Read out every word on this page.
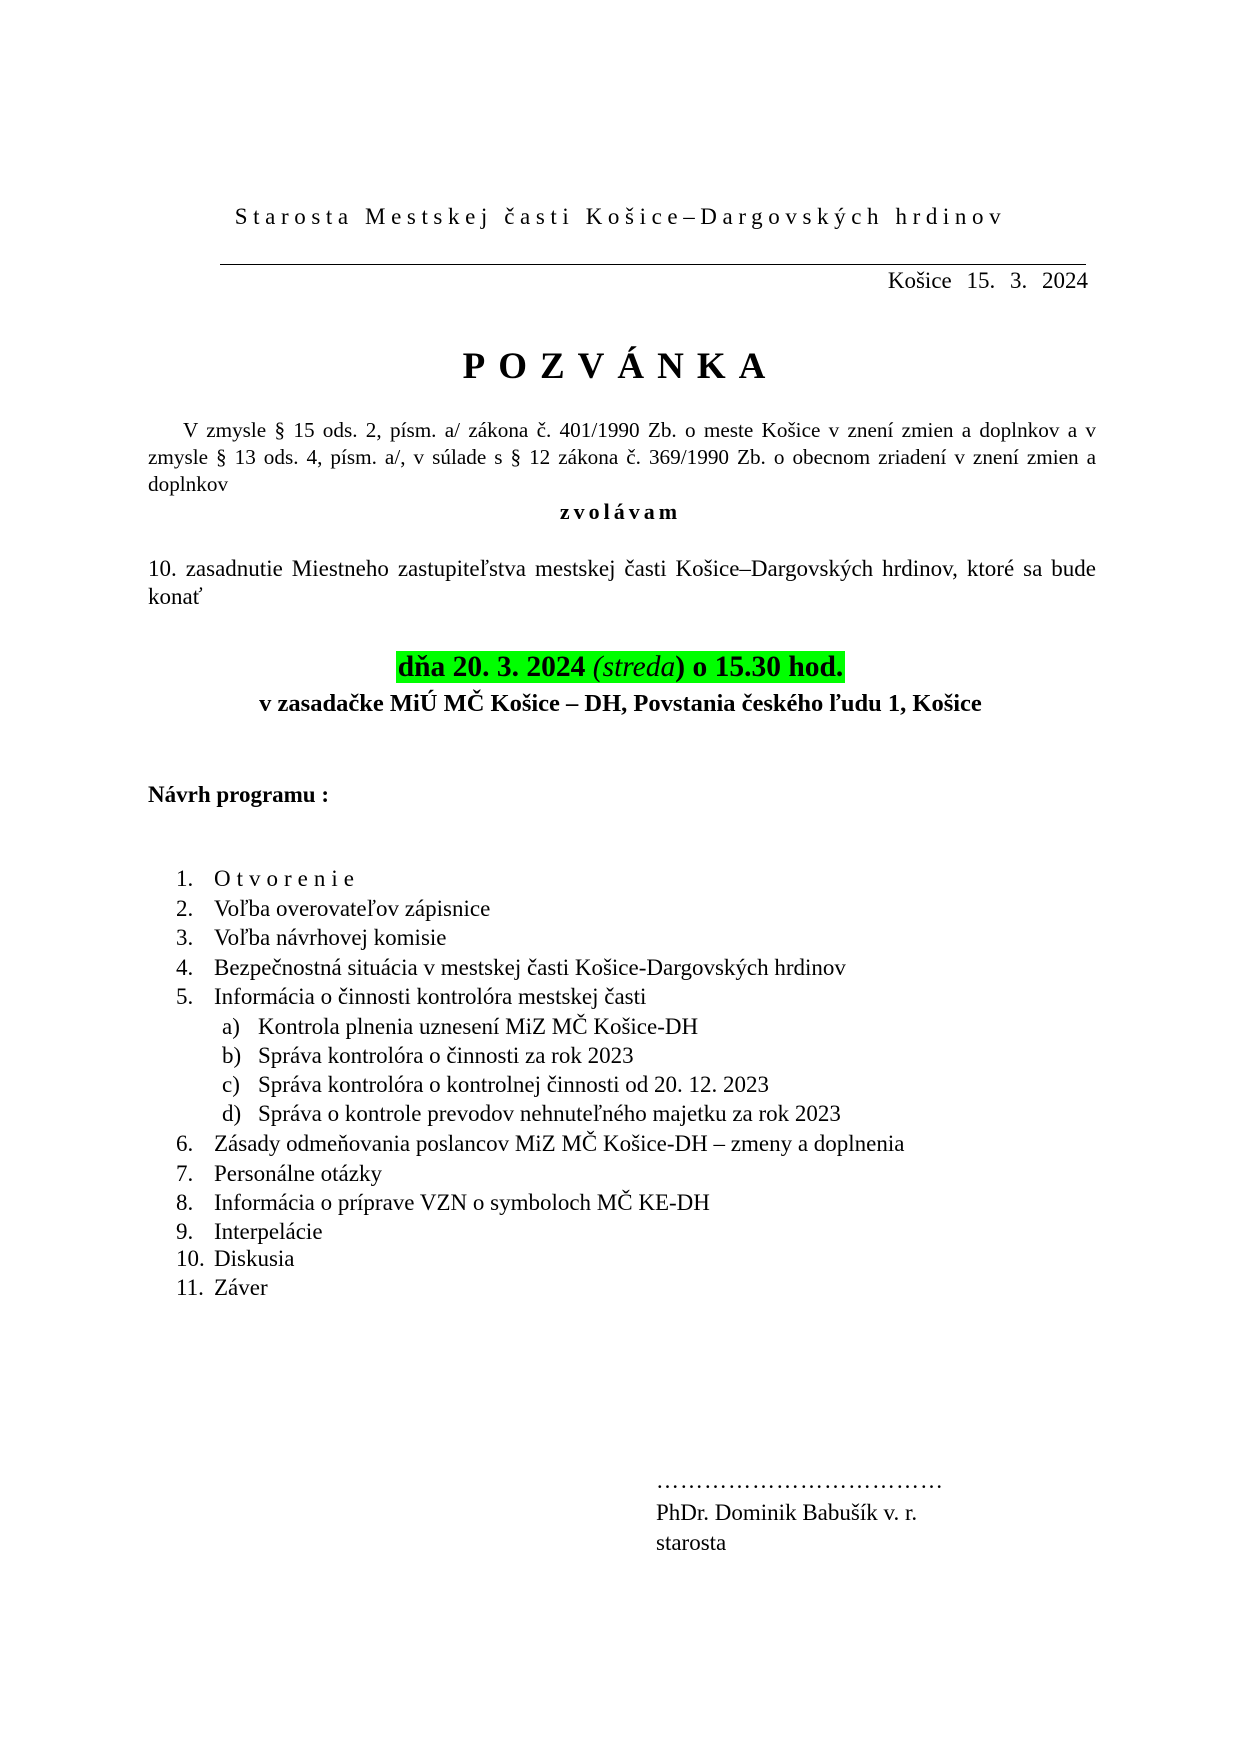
Starosta Mestskej časti Košice–Dargovských hrdinov
Košice 15. 3. 2024
POZVÁNKA
V zmysle § 15 ods. 2, písm. a/ zákona č. 401/1990 Zb. o meste Košice v znení zmien a doplnkov a v zmysle § 13 ods. 4, písm. a/, v súlade s § 12 zákona č. 369/1990 Zb. o obecnom zriadení v znení zmien a doplnkov
zvolávam
10. zasadnutie Miestneho zastupiteľstva mestskej časti Košice–Dargovských hrdinov, ktoré sa bude konať
dňa 20. 3. 2024 (streda) o 15.30 hod.
v zasadačke MiÚ MČ Košice – DH, Povstania českého ľudu 1, Košice
Návrh programu :
1. Otvorenie
2. Voľba overovateľov zápisnice
3. Voľba návrhovej komisie
4. Bezpečnostná situácia v mestskej časti Košice-Dargovských hrdinov
5. Informácia o činnosti kontrolóra mestskej časti
a) Kontrola plnenia uznesení MiZ MČ Košice-DH
b) Správa kontrolóra o činnosti za rok 2023
c) Správa kontrolóra o kontrolnej činnosti od 20. 12. 2023
d) Správa o kontrole prevodov nehnuteľného majetku za rok 2023
6. Zásady odmeňovania poslancov MiZ MČ Košice-DH – zmeny a doplnenia
7. Personálne otázky
8. Informácia o príprave VZN o symboloch MČ KE-DH
9. Interpelácie
10. Diskusia
11. Záver
………………………………
PhDr. Dominik Babušík v. r.
starosta
